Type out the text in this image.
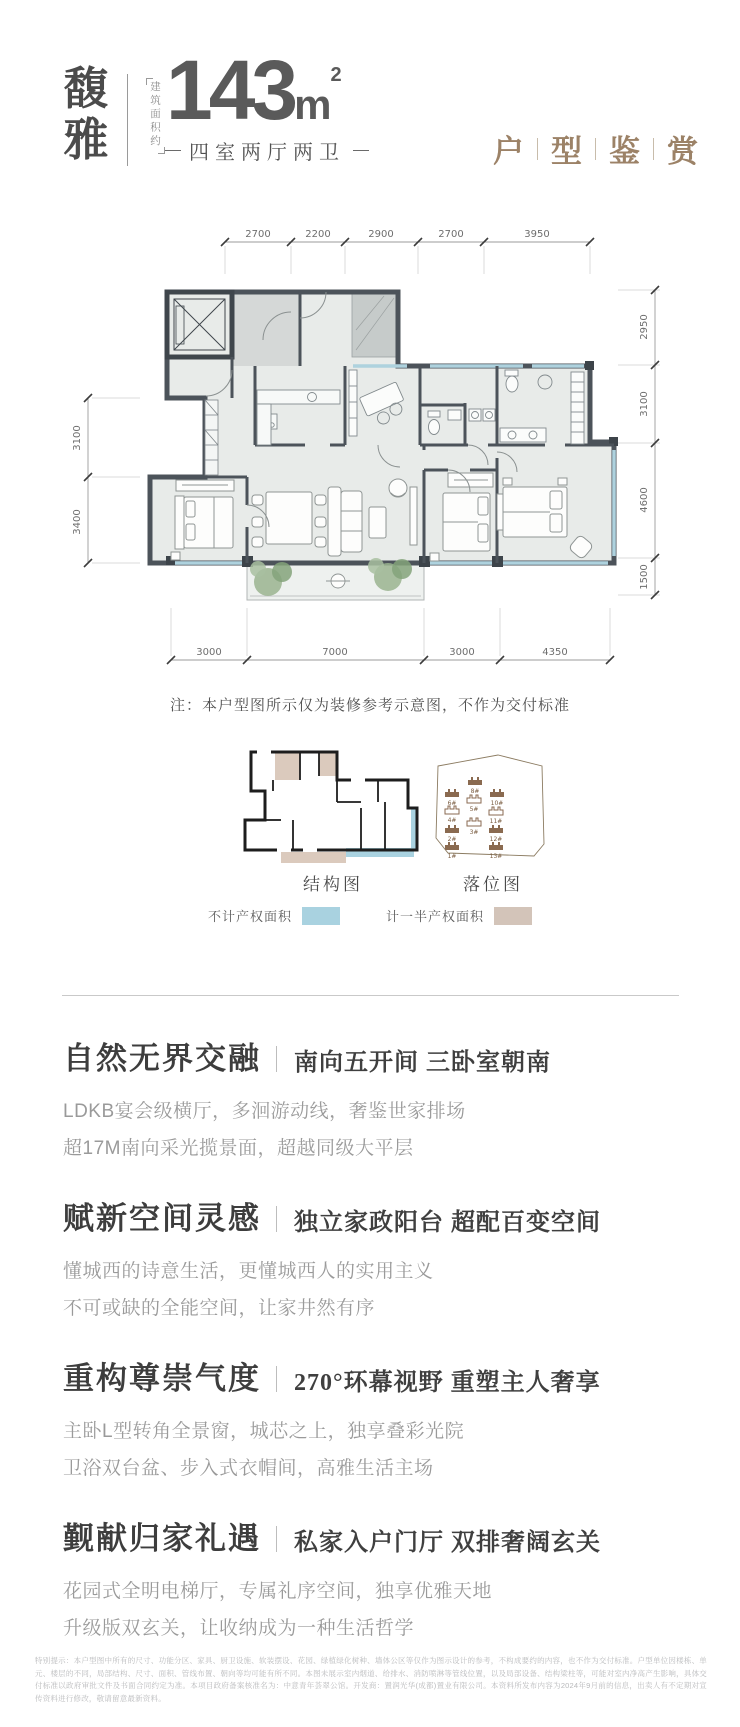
馥雅	建筑面积约 $143m^2$
四室两厅两卫	户 型 鉴 赏
2700	2200	2900	2700	3950
3000	7000	3000	4350
3100
3400
2950
3100
4600
1500
注：本户型图所示仅为装修参考示意图，不作为交付标准
8#
6#
5#
10#
4#	11#
2#
3#
12#
1#	13#
结构图	落位图
不计产权面积	计一半产权面积
自然无界交融 南向五开间 三卧室朝南

LDKB宴会级横厅，多洄游动线，奢鉴世家排场

超17M南向采光揽景面，超越同级大平层

赋新空间灵感 独立家政阳台 超配百变空间

懂城西的诗意生活，更懂城西人的实用主义

不可或缺的全能空间，让家井然有序

重构尊崇气度 270°环幕视野 重塑主人奢享

主卧L型转角全景窗，城芯之上，独享叠彩光院

卫浴双台盆、步入式衣帽间，高雅生活主场

觐献归家礼遇 私家入户门厅 双排奢阔玄关

花园式全明电梯厅，专属礼序空间，独享优雅天地

升级版双玄关，让收纳成为一种生活哲学

特别提示：本户型图中所有的尺寸、功能分区、家具、厨卫设施、软装摆设、花园、绿植绿化树种、墙体公区等仅作为图示设计的参考，不构成要约的内容，也不作为交付标准。户型单位因楼栋、单元、楼层的不同，局部结构、尺寸、面积、管线布置、朝向等均可能有所不同。本图未展示室内烟道、给排水、消防喷淋等管线位置，以及局部设备、结构梁柱等，可能对室内净高产生影响，具体交付标准以政府审批文件及书面合同约定为准。本项目政府备案核准名为：中意青年荟翠公馆。开发商：置润光华(成都)置业有限公司。本资料所发布内容为2024年9月前的信息，出卖人有不定期对宣传资料进行修改，敬请留意最新资料。
